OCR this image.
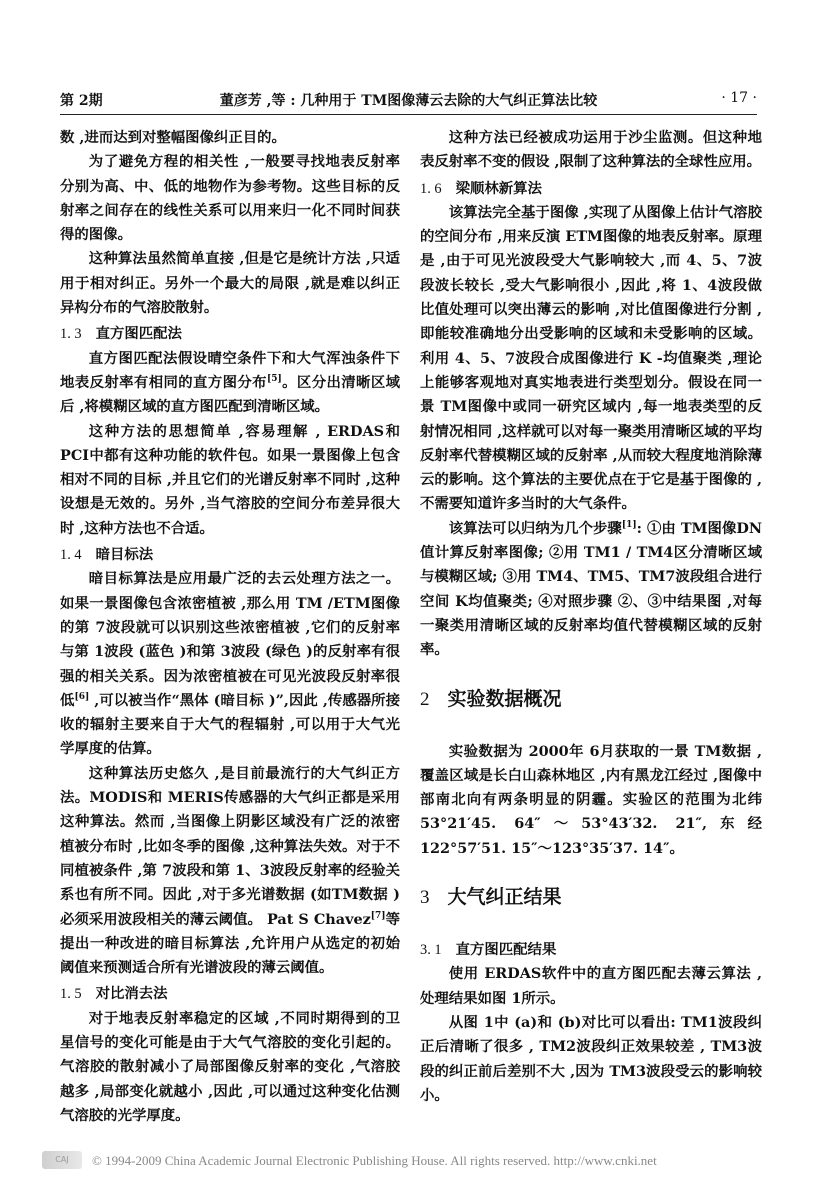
第 2期	董彦芳 ,等 : 几种用于 TM图像薄云去除的大气纠正算法比较	· 17 ·

数 ,进而达到对整幅图像纠正目的。

为了避免方程的相关性 ,一般要寻找地表反射率分别为高、中、低的地物作为参考物。这些目标的反射率之间存在的线性关系可以用来归一化不同时间获得的图像。

这种算法虽然简单直接 ,但是它是统计方法 ,只适用于相对纠正。另外一个最大的局限 ,就是难以纠正异构分布的气溶胶散射。

1. 3 直方图匹配法

直方图匹配法假设晴空条件下和大气浑浊条件下地表反射率有相同的直方图分布[5]。区分出清晰区域后 ,将模糊区域的直方图匹配到清晰区域。

这种方法的思想简单 ,容易理解 , ERDAS和 PCI中都有这种功能的软件包。如果一景图像上包含相对不同的目标 ,并且它们的光谱反射率不同时 ,这种设想是无效的。另外 ,当气溶胶的空间分布差异很大时 ,这种方法也不合适。

1. 4 暗目标法

暗目标算法是应用最广泛的去云处理方法之一。如果一景图像包含浓密植被 ,那么用 TM /ETM图像的第 7波段就可以识别这些浓密植被 ,它们的反射率与第 1波段 (蓝色 )和第 3波段 (绿色 )的反射率有很强的相关关系。因为浓密植被在可见光波段反射率很低[6] ,可以被当作“黑体 (暗目标 )”,因此 ,传感器所接收的辐射主要来自于大气的程辐射 ,可以用于大气光学厚度的估算。

这种算法历史悠久 ,是目前最流行的大气纠正方法。MODIS和 MERIS传感器的大气纠正都是采用这种算法。然而 ,当图像上阴影区域没有广泛的浓密植被分布时 ,比如冬季的图像 ,这种算法失效。对于不同植被条件 ,第 7波段和第 1、3波段反射率的经验关系也有所不同。因此 ,对于多光谱数据 (如TM数据 )必须采用波段相关的薄云阈值。 Pat S Chavez[7]等提出一种改进的暗目标算法 ,允许用户从选定的初始阈值来预测适合所有光谱波段的薄云阈值。

1. 5 对比消去法

对于地表反射率稳定的区域 ,不同时期得到的卫星信号的变化可能是由于大气气溶胶的变化引起的。气溶胶的散射减小了局部图像反射率的变化 ,气溶胶越多 ,局部变化就越小 ,因此 ,可以通过这种变化估测气溶胶的光学厚度。

这种方法已经被成功运用于沙尘监测。但这种地表反射率不变的假设 ,限制了这种算法的全球性应用。

1. 6 梁顺林新算法

该算法完全基于图像 ,实现了从图像上估计气溶胶的空间分布 ,用来反演 ETM图像的地表反射率。原理是 ,由于可见光波段受大气影响较大 ,而 4、5、7波段波长较长 ,受大气影响很小 ,因此 ,将 1、4波段做比值处理可以突出薄云的影响 ,对比值图像进行分割 ,即能较准确地分出受影响的区域和未受影响的区域。利用 4、5、7波段合成图像进行 K -均值聚类 ,理论上能够客观地对真实地表进行类型划分。假设在同一景 TM图像中或同一研究区域内 ,每一地表类型的反射情况相同 ,这样就可以对每一聚类用清晰区域的平均反射率代替模糊区域的反射率 ,从而较大程度地消除薄云的影响。这个算法的主要优点在于它是基于图像的 ,不需要知道许多当时的大气条件。

该算法可以归纳为几个步骤[1]: ①由 TM图像DN值计算反射率图像; ②用 TM1 / TM4区分清晰区域与模糊区域; ③用 TM4、TM5、TM7波段组合进行空间 K均值聚类; ④对照步骤 ②、③中结果图 ,对每一聚类用清晰区域的反射率均值代替模糊区域的反射率。

2 实验数据概况

实验数据为 2000年 6月获取的一景 TM数据 ,覆盖区域是长白山森林地区 ,内有黑龙江经过 ,图像中部南北向有两条明显的阴霾。实验区的范围为北纬 53°21′45. 64″～53°43′32. 21″,东经 122°57′51. 15″～123°35′37. 14″。

3 大气纠正结果
3. 1 直方图匹配结果

使用 ERDAS软件中的直方图匹配去薄云算法 ,处理结果如图 1所示。

从图 1中 (a)和 (b)对比可以看出: TM1波段纠正后清晰了很多 , TM2波段纠正效果较差 , TM3波段的纠正前后差别不大 ,因为 TM3波段受云的影响较小。

CAJ	© 1994-2009 China Academic Journal Electronic Publishing House. All rights reserved. http://www.cnki.net
